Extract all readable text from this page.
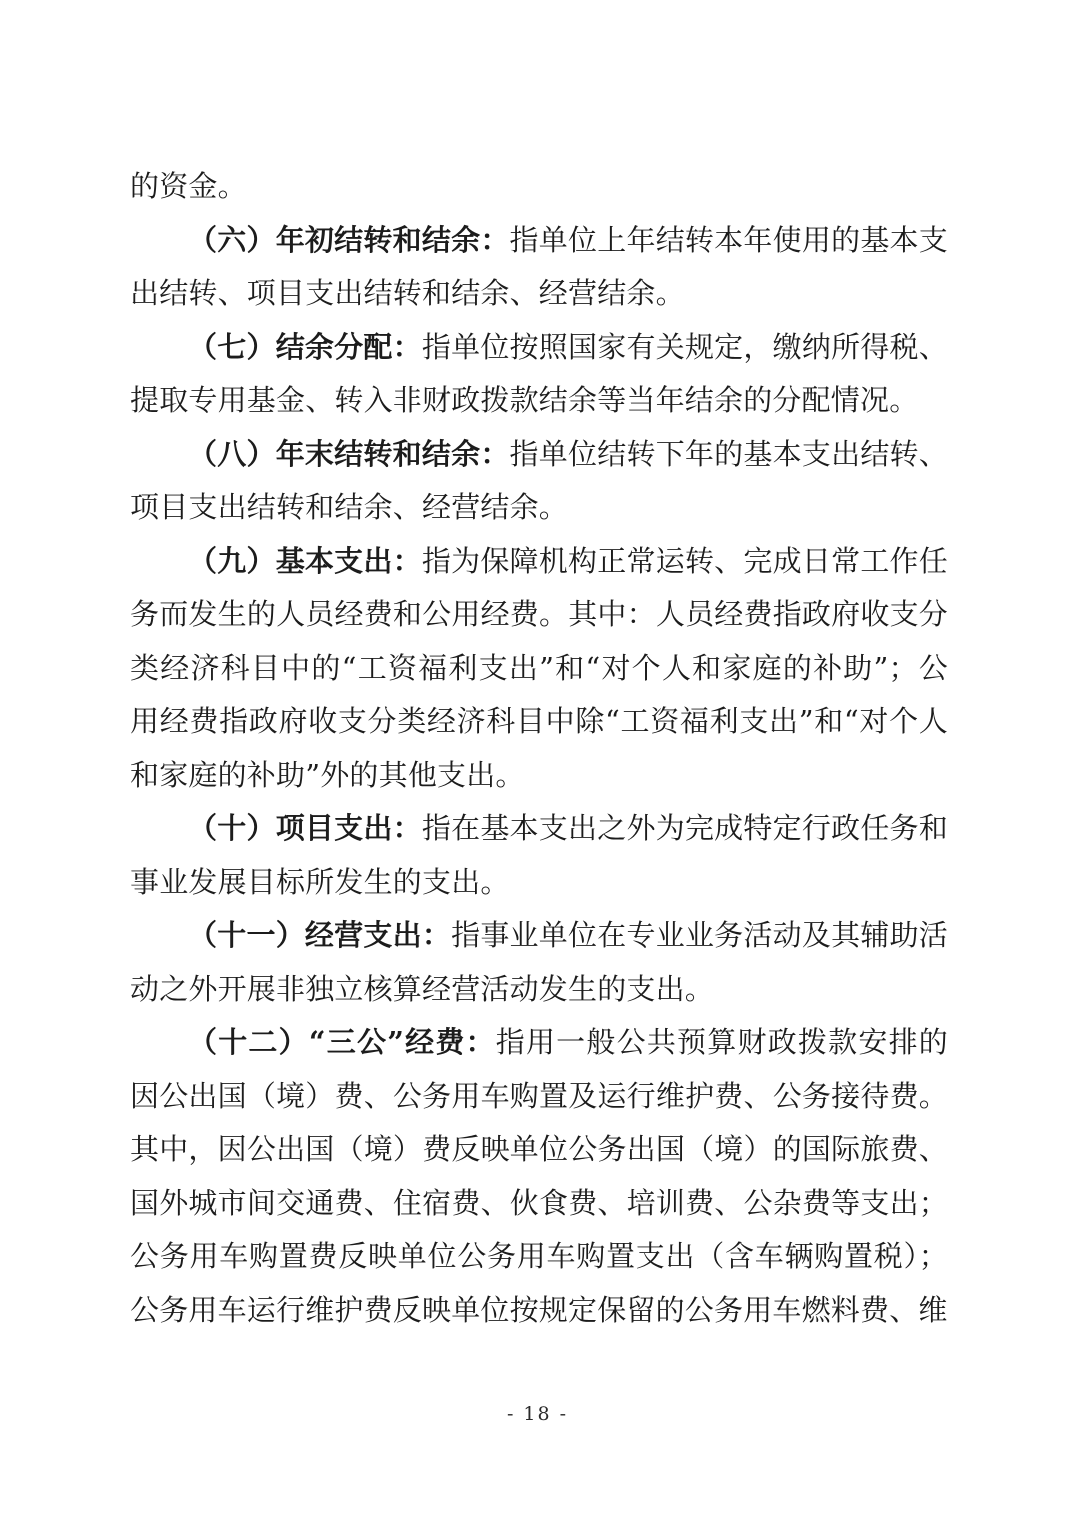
的资金。

（六）年初结转和结余：指单位上年结转本年使用的基本支出结转、项目支出结转和结余、经营结余。

（七）结余分配：指单位按照国家有关规定，缴纳所得税、提取专用基金、转入非财政拨款结余等当年结余的分配情况。

（八）年末结转和结余：指单位结转下年的基本支出结转、项目支出结转和结余、经营结余。

（九）基本支出：指为保障机构正常运转、完成日常工作任务而发生的人员经费和公用经费。其中：人员经费指政府收支分类经济科目中的“工资福利支出”和“对个人和家庭的补助”；公用经费指政府收支分类经济科目中除“工资福利支出”和“对个人和家庭的补助”外的其他支出。

（十）项目支出：指在基本支出之外为完成特定行政任务和事业发展目标所发生的支出。

（十一）经营支出：指事业单位在专业业务活动及其辅助活动之外开展非独立核算经营活动发生的支出。

（十二）“三公”经费：指用一般公共预算财政拨款安排的因公出国（境）费、公务用车购置及运行维护费、公务接待费。其中，因公出国（境）费反映单位公务出国（境）的国际旅费、国外城市间交通费、住宿费、伙食费、培训费、公杂费等支出；公务用车购置费反映单位公务用车购置支出（含车辆购置税）；公务用车运行维护费反映单位按规定保留的公务用车燃料费、维

- 18 -
